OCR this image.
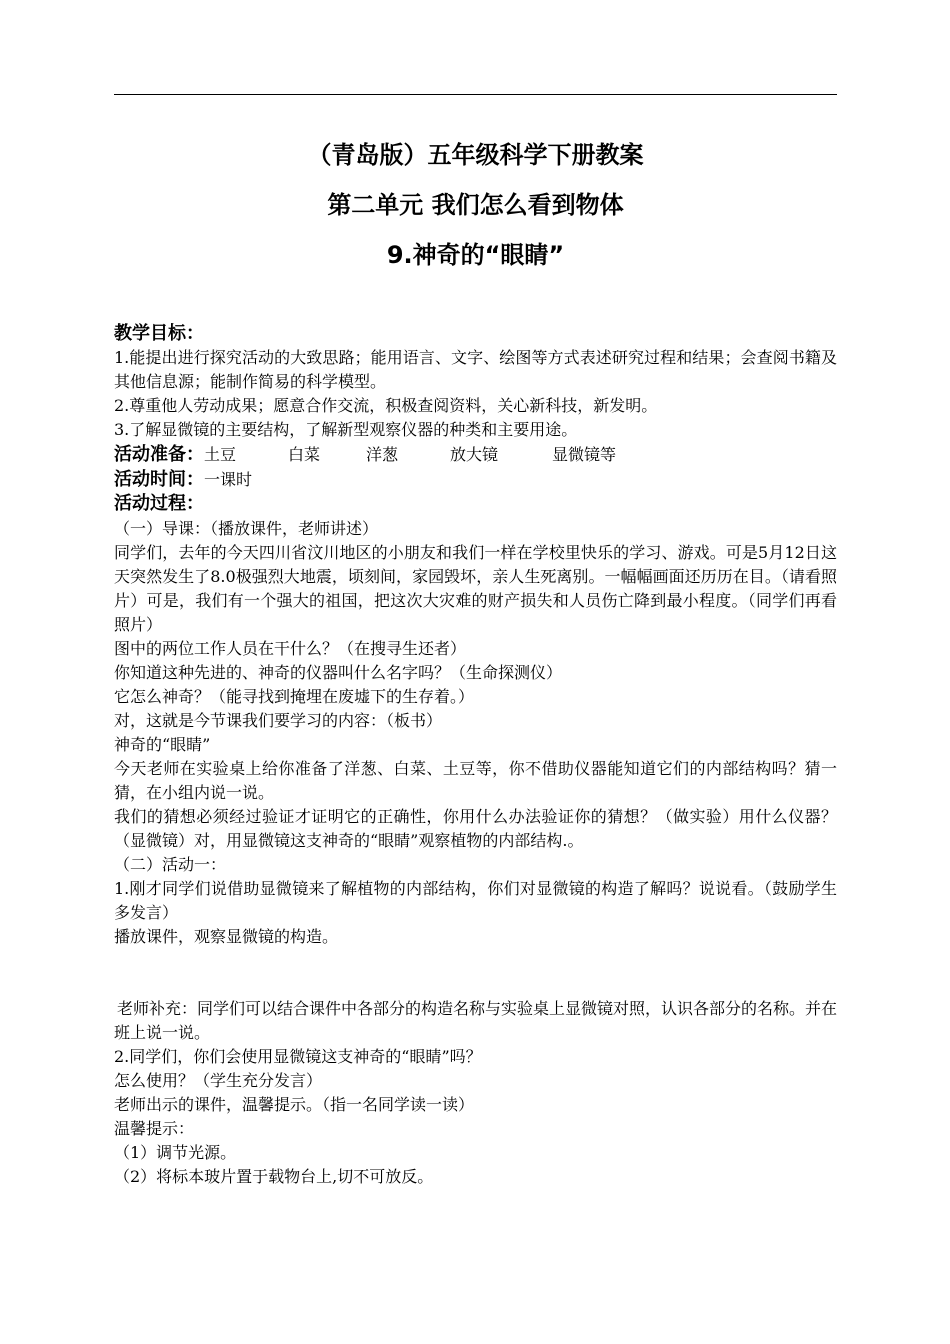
（青岛版）五年级科学下册教案
第二单元 我们怎么看到物体
9.神奇的“眼睛”
教学目标：

1.能提出进行探究活动的大致思路；能用语言、文字、绘图等方式表述研究过程和结果；会查阅书籍及其他信息源；能制作简易的科学模型。

2.尊重他人劳动成果；愿意合作交流，积极查阅资料，关心新科技，新发明。

3.了解显微镜的主要结构，了解新型观察仪器的种类和主要用途。

活动准备： 土豆	白菜	洋葱	放大镜	显微镜等
活动时间： 一课时
活动过程：

（一）导课：（播放课件，老师讲述）

同学们，去年的今天四川省汶川地区的小朋友和我们一样在学校里快乐的学习、游戏。可是5月12日这天突然发生了8.0极强烈大地震，顷刻间，家园毁坏，亲人生死离别。一幅幅画面还历历在目。（请看照片）可是，我们有一个强大的祖国，把这次大灾难的财产损失和人员伤亡降到最小程度。（同学们再看照片）

图中的两位工作人员在干什么？（在搜寻生还者）

你知道这种先进的、神奇的仪器叫什么名字吗？（生命探测仪）

它怎么神奇？（能寻找到掩埋在废墟下的生存着。）

对，这就是今节课我们要学习的内容：（板书）

神奇的“眼睛”

今天老师在实验桌上给你准备了洋葱、白菜、土豆等，你不借助仪器能知道它们的内部结构吗？猜一猜，在小组内说一说。

我们的猜想必须经过验证才证明它的正确性，你用什么办法验证你的猜想？（做实验）用什么仪器？（显微镜）对，用显微镜这支神奇的“眼睛”观察植物的内部结构.。

（二）活动一：

1.刚才同学们说借助显微镜来了解植物的内部结构，你们对显微镜的构造了解吗？说说看。（鼓励学生多发言）

播放课件，观察显微镜的构造。

老师补充：同学们可以结合课件中各部分的构造名称与实验桌上显微镜对照，认识各部分的名称。并在班上说一说。

2.同学们，你们会使用显微镜这支神奇的“眼睛”吗？

怎么使用？（学生充分发言）

老师出示的课件，温馨提示。（指一名同学读一读）

温馨提示：

（1）调节光源。

（2）将标本玻片置于载物台上,切不可放反。
